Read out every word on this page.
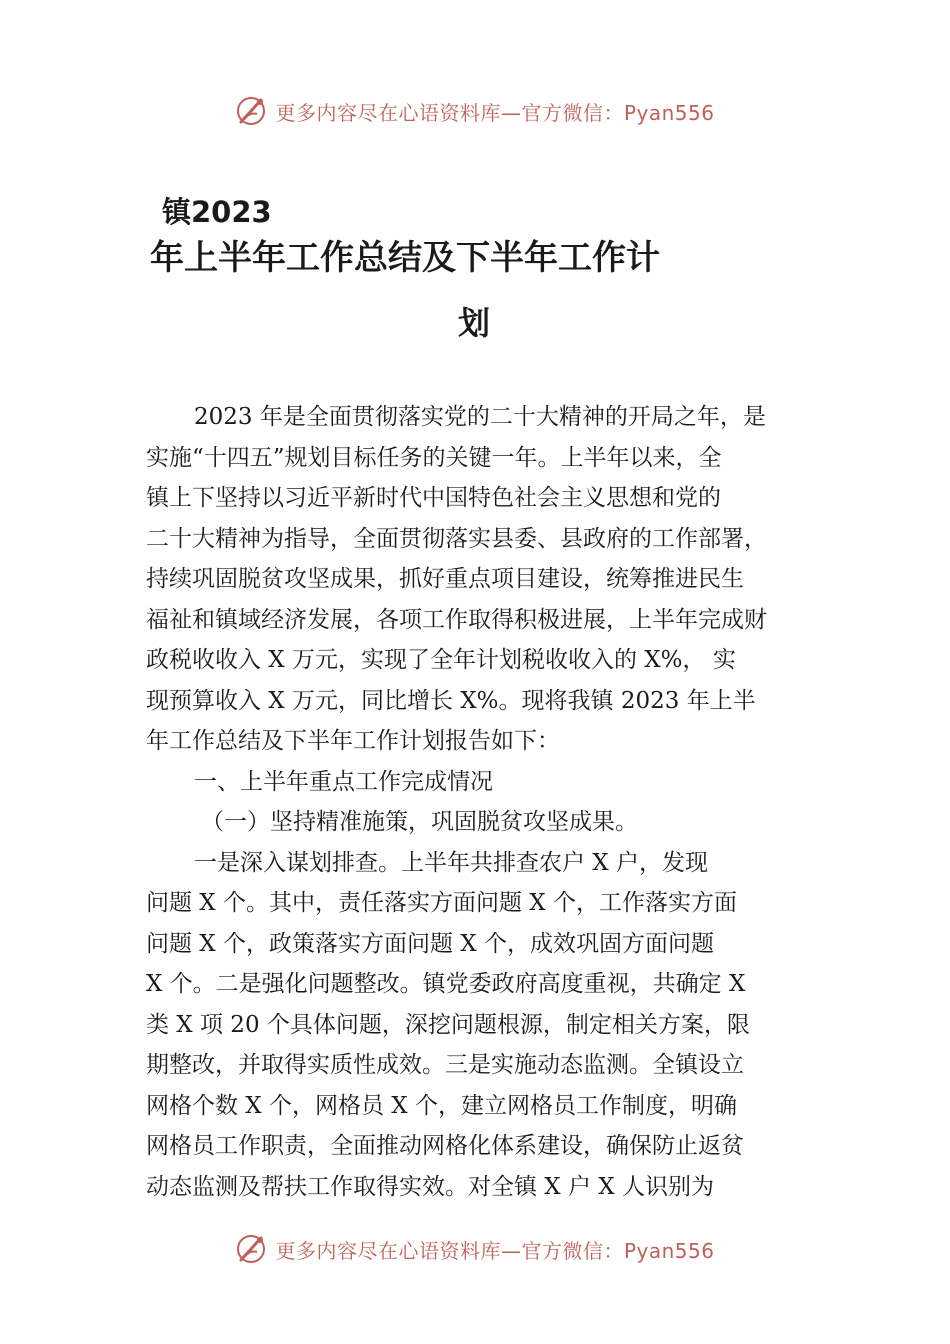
更多内容尽在心语资料库—官方微信：Pyan556
镇2023
年上半年工作总结及下半年工作计
划
2023 年是全面贯彻落实党的二十大精神的开局之年，是
实施“十四五”规划目标任务的关键一年。上半年以来，全
镇上下坚持以习近平新时代中国特色社会主义思想和党的
二十大精神为指导，全面贯彻落实县委、县政府的工作部署，
持续巩固脱贫攻坚成果，抓好重点项目建设，统筹推进民生
福祉和镇域经济发展，各项工作取得积极进展，上半年完成财
政税收收入 X 万元，实现了全年计划税收收入的 X%， 实
现预算收入 X 万元，同比增长 X%。现将我镇 2023 年上半
年工作总结及下半年工作计划报告如下：
一、上半年重点工作完成情况
（一）坚持精准施策，巩固脱贫攻坚成果。
一是深入谋划排查。上半年共排查农户 X 户，发现
问题 X 个。其中，责任落实方面问题 X 个，工作落实方面
问题 X 个，政策落实方面问题 X 个，成效巩固方面问题
X 个。二是强化问题整改。镇党委政府高度重视，共确定 X
类 X 项 20 个具体问题，深挖问题根源，制定相关方案，限
期整改，并取得实质性成效。三是实施动态监测。全镇设立
网格个数 X 个，网格员 X 个，建立网格员工作制度，明确
网格员工作职责，全面推动网格化体系建设，确保防止返贫
动态监测及帮扶工作取得实效。对全镇 X 户 X 人识别为
更多内容尽在心语资料库—官方微信：Pyan556
